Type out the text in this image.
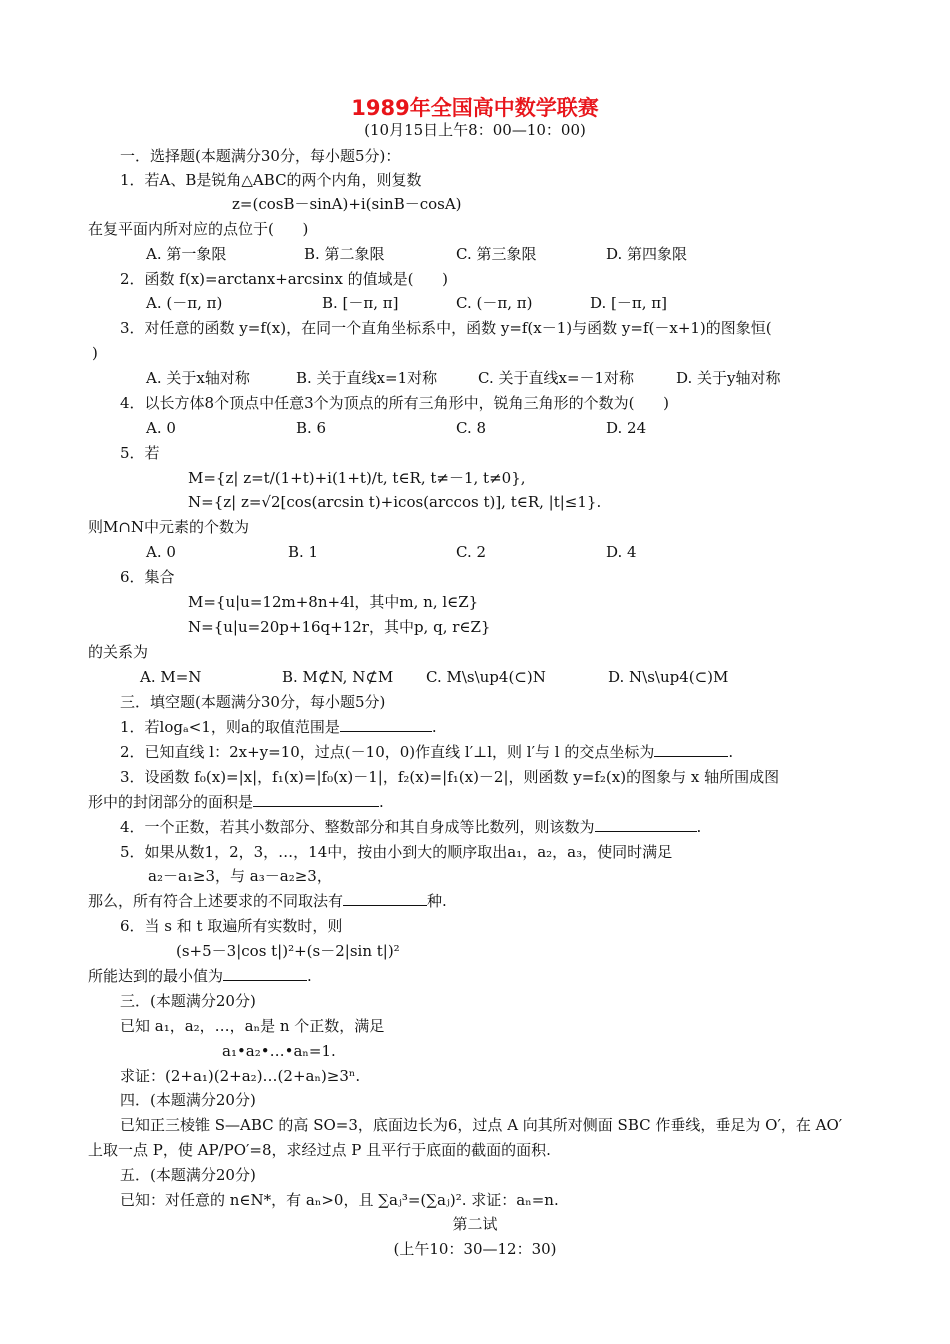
1989年全国高中数学联赛
(10月15日上午8：00—10：00)
一．选择题(本题满分30分，每小题5分)：
1．若A、B是锐角△ABC的两个内角，则复数
z=(cosB－sinA)+i(sinB－cosA)
在复平面内所对应的点位于(      )
A. 第一象限	B. 第二象限	C. 第三象限	D. 第四象限
2．函数 f(x)=arctanx+arcsinx 的值域是(      )
A. (－π, π)	B. [－π, π]	C. (－π, π)	D. [－π, π]
3．对任意的函数 y=f(x)，在同一个直角坐标系中，函数 y=f(x－1)与函数 y=f(－x+1)的图象恒(
)
A. 关于x轴对称	B. 关于直线x=1对称	C. 关于直线x=－1对称	D. 关于y轴对称
4．以长方体8个顶点中任意3个为顶点的所有三角形中，锐角三角形的个数为(      )
A. 0	B. 6	C. 8	D. 24
5．若
M={z| z=t/(1+t)+i(1+t)/t, t∈R, t≠－1, t≠0},
N={z| z=√2[cos(arcsin t)+icos(arccos t)], t∈R, |t|≤1}.
则M∩N中元素的个数为
A. 0	B. 1	C. 2	D. 4
6．集合
M={u|u=12m+8n+4l，其中m, n, l∈Z}
N={u|u=20p+16q+12r，其中p, q, r∈Z}
的关系为
A. M=N	B. M⊄N, N⊄M C. M\s\up4(⊂)N	D. N\s\up4(⊂)M
三．填空题(本题满分30分，每小题5分)
1．若logₐ<1，则a的取值范围是	.
2．已知直线 l：2x+y=10，过点(－10，0)作直线 l′⊥l，则 l′与 l 的交点坐标为	.
3．设函数 f₀(x)=|x|，f₁(x)=|f₀(x)－1|，f₂(x)=|f₁(x)－2|，则函数 y=f₂(x)的图象与 x 轴所围成图
形中的封闭部分的面积是	.
4．一个正数，若其小数部分、整数部分和其自身成等比数列，则该数为	.
5．如果从数1，2，3，…，14中，按由小到大的顺序取出a₁，a₂，a₃，使同时满足
a₂－a₁≥3，与 a₃－a₂≥3，
那么，所有符合上述要求的不同取法有	种.
6．当 s 和 t 取遍所有实数时，则
(s+5－3|cos t|)²+(s－2|sin t|)²
所能达到的最小值为	.
三．(本题满分20分)
已知 a₁，a₂，…，aₙ是 n 个正数，满足
a₁•a₂•…•aₙ=1.
求证：(2+a₁)(2+a₂)…(2+aₙ)≥3ⁿ.
四．(本题满分20分)
已知正三棱锥 S—ABC 的高 SO=3，底面边长为6，过点 A 向其所对侧面 SBC 作垂线，垂足为 O′，在 AO′
上取一点 P，使 AP/PO′=8，求经过点 P 且平行于底面的截面的面积.
五．(本题满分20分)
已知：对任意的 n∈N*，有 aₙ>0，且 ∑aⱼ³=(∑aⱼ)². 求证：aₙ=n.
第二试
(上午10：30—12：30)
